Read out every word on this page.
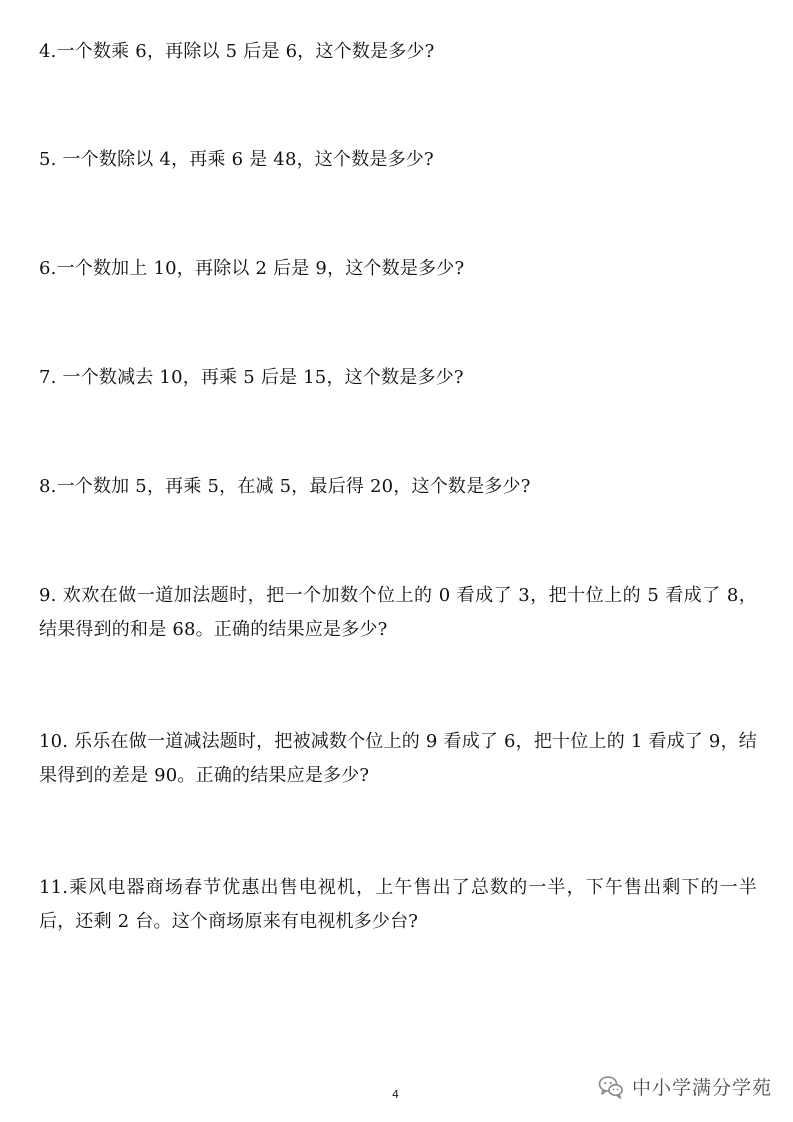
4.一个数乘 6，再除以 5 后是 6，这个数是多少?

5. 一个数除以 4，再乘 6 是 48，这个数是多少?

6.一个数加上 10，再除以 2 后是 9，这个数是多少?

7. 一个数减去 10，再乘 5 后是 15，这个数是多少?

8.一个数加 5，再乘 5，在减 5，最后得 20，这个数是多少?

9. 欢欢在做一道加法题时，把一个加数个位上的 0 看成了 3，把十位上的 5 看成了 8，结果得到的和是 68。正确的结果应是多少?

10. 乐乐在做一道减法题时，把被减数个位上的 9 看成了 6，把十位上的 1 看成了 9，结果得到的差是 90。正确的结果应是多少?

11.乘风电器商场春节优惠出售电视机，上午售出了总数的一半，下午售出剩下的一半后，还剩 2 台。这个商场原来有电视机多少台?

4	中小学满分学苑
